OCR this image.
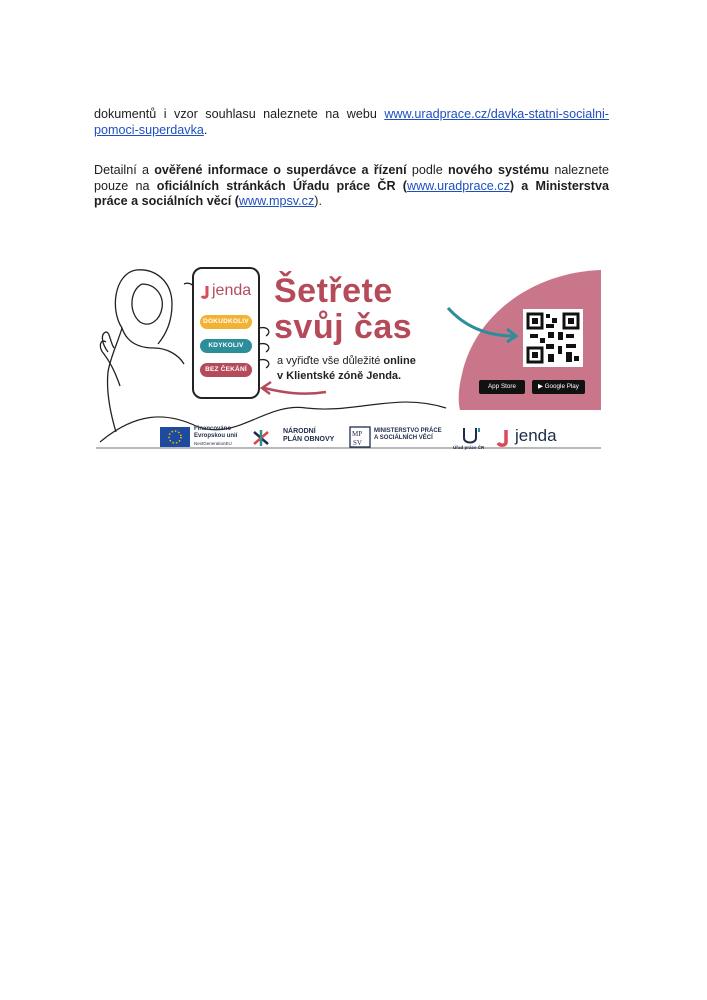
dokumentů i vzor souhlasu naleznete na webu www.uradprace.cz/davka-statni-socialni-pomoci-superdavka.

Detailní a ověřené informace o superdávce a řízení podle nového systému naleznete pouze na oficiálních stránkách Úřadu práce ČR (www.uradprace.cz) a Ministerstva práce a sociálních věcí (www.mpsv.cz).

MP
SV
jenda
DOKUDKOLIV
KDYKOLIV
BEZ ČEKÁNÍ
Šetřete
svůj čas
a vyřiďte vše důležité online
v Klientské zóně Jenda.
App Store	▶ Google Play
Financováno
Evropskou unií
NextGenerationEU
NÁRODNÍ
PLÁN OBNOVY
MINISTERSTVO PRÁCE
A SOCIÁLNÍCH VĚCÍ
Úřad práce ČR
jenda
